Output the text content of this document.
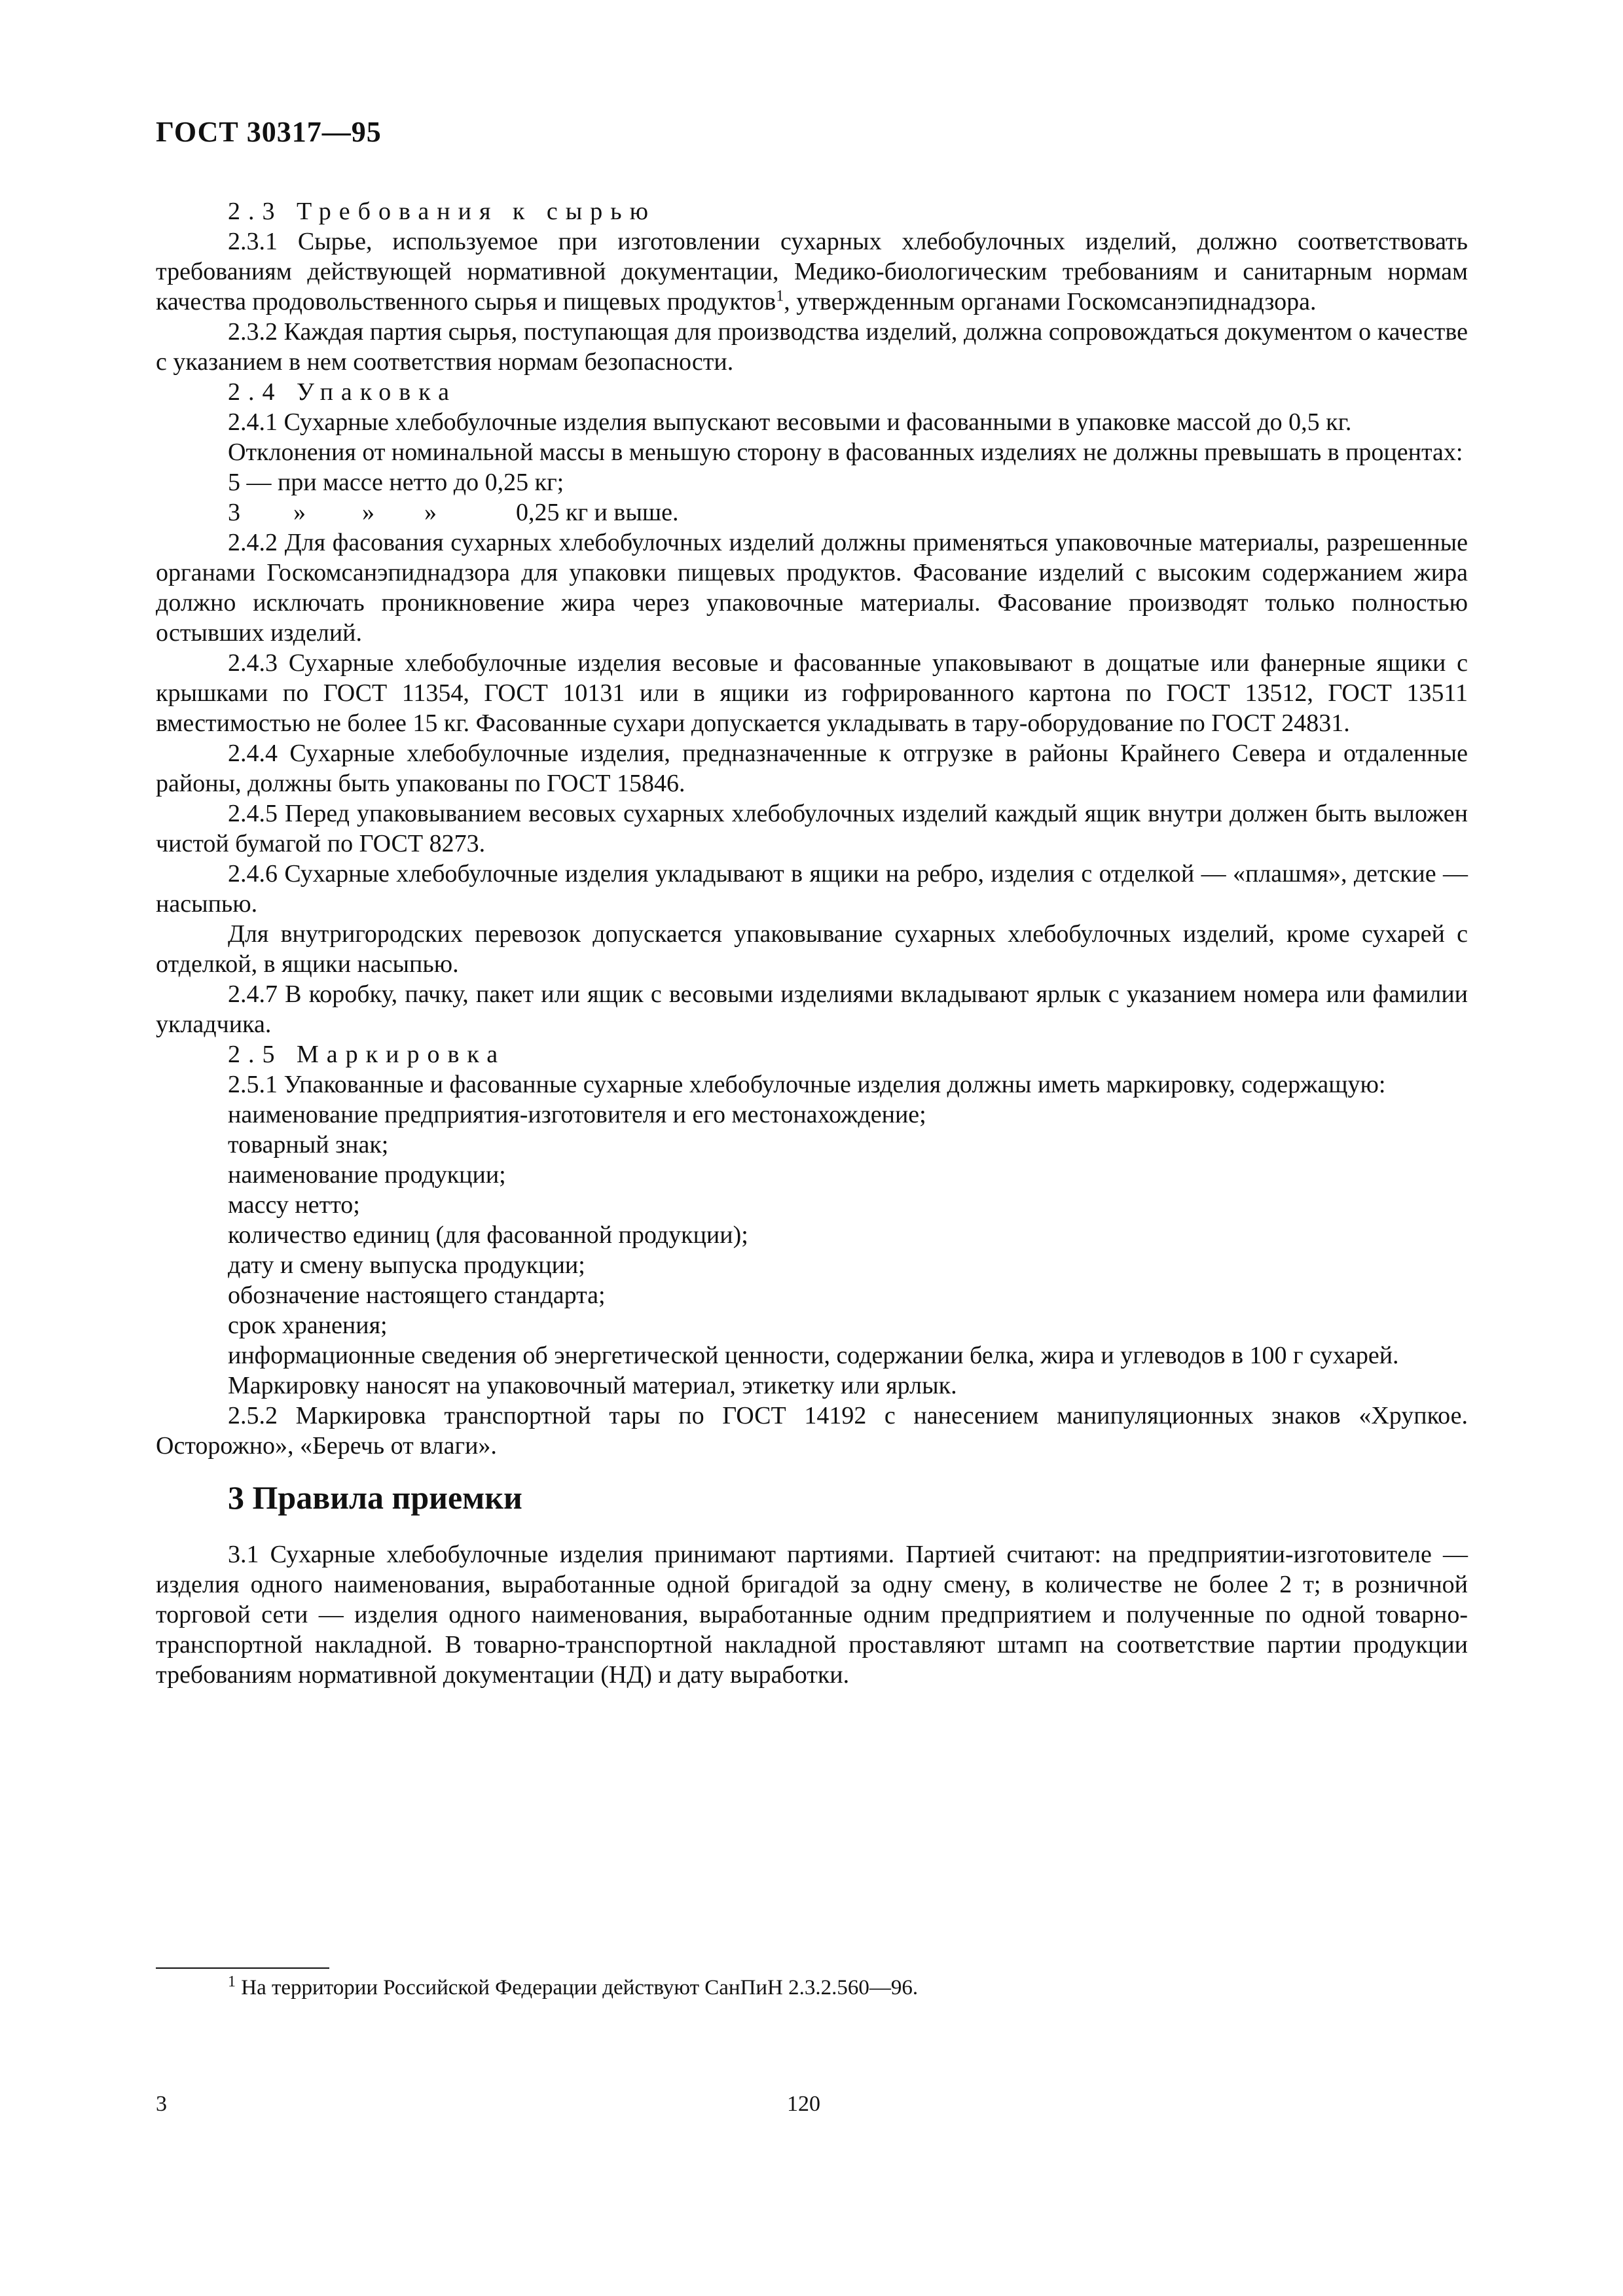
ГОСТ 30317—95

2.3 Требования к сырью

2.3.1 Сырье, используемое при изготовлении сухарных хлебобулочных изделий, должно соответствовать требованиям действующей нормативной документации, Медико-биологическим требованиям и санитарным нормам качества продовольственного сырья и пищевых продуктов$^1$, утвержденным органами Госкомсанэпиднадзора.

2.3.2 Каждая партия сырья, поступающая для производства изделий, должна сопровождаться документом о качестве с указанием в нем соответствия нормам безопасности.

2.4 Упаковка

2.4.1 Сухарные хлебобулочные изделия выпускают весовыми и фасованными в упаковке массой до 0,5 кг.

Отклонения от номинальной массы в меньшую сторону в фасованных изделиях не должны превышать в процентах:

5 — при массе нетто до 0,25 кг;

3	»	»	»	0,25 кг и выше.

2.4.2 Для фасования сухарных хлебобулочных изделий должны применяться упаковочные материалы, разрешенные органами Госкомсанэпиднадзора для упаковки пищевых продуктов. Фасование изделий с высоким содержанием жира должно исключать проникновение жира через упаковочные материалы. Фасование производят только полностью остывших изделий.

2.4.3 Сухарные хлебобулочные изделия весовые и фасованные упаковывают в дощатые или фанерные ящики с крышками по ГОСТ 11354, ГОСТ 10131 или в ящики из гофрированного картона по ГОСТ 13512, ГОСТ 13511 вместимостью не более 15 кг. Фасованные сухари допускается укладывать в тару-оборудование по ГОСТ 24831.

2.4.4 Сухарные хлебобулочные изделия, предназначенные к отгрузке в районы Крайнего Севера и отдаленные районы, должны быть упакованы по ГОСТ 15846.

2.4.5 Перед упаковыванием весовых сухарных хлебобулочных изделий каждый ящик внутри должен быть выложен чистой бумагой по ГОСТ 8273.

2.4.6 Сухарные хлебобулочные изделия укладывают в ящики на ребро, изделия с отделкой — «плашмя», детские — насыпью.

Для внутригородских перевозок допускается упаковывание сухарных хлебобулочных изделий, кроме сухарей с отделкой, в ящики насыпью.

2.4.7 В коробку, пачку, пакет или ящик с весовыми изделиями вкладывают ярлык с указанием номера или фамилии укладчика.

2.5 Маркировка

2.5.1 Упакованные и фасованные сухарные хлебобулочные изделия должны иметь маркировку, содержащую:

наименование предприятия-изготовителя и его местонахождение;

товарный знак;

наименование продукции;

массу нетто;

количество единиц (для фасованной продукции);

дату и смену выпуска продукции;

обозначение настоящего стандарта;

срок хранения;

информационные сведения об энергетической ценности, содержании белка, жира и углеводов в 100 г сухарей.

Маркировку наносят на упаковочный материал, этикетку или ярлык.

2.5.2 Маркировка транспортной тары по ГОСТ 14192 с нанесением манипуляционных знаков «Хрупкое. Осторожно», «Беречь от влаги».

3 Правила приемки

3.1 Сухарные хлебобулочные изделия принимают партиями. Партией считают: на предприятии-изготовителе — изделия одного наименования, выработанные одной бригадой за одну смену, в количестве не более 2 т; в розничной торговой сети — изделия одного наименования, выработанные одним предприятием и полученные по одной товарно-транспортной накладной. В товарно-транспортной накладной проставляют штамп на соответствие партии продукции требованиям нормативной документации (НД) и дату выработки.

$^1$ На территории Российской Федерации действуют СанПиН 2.3.2.560—96.
3	120
